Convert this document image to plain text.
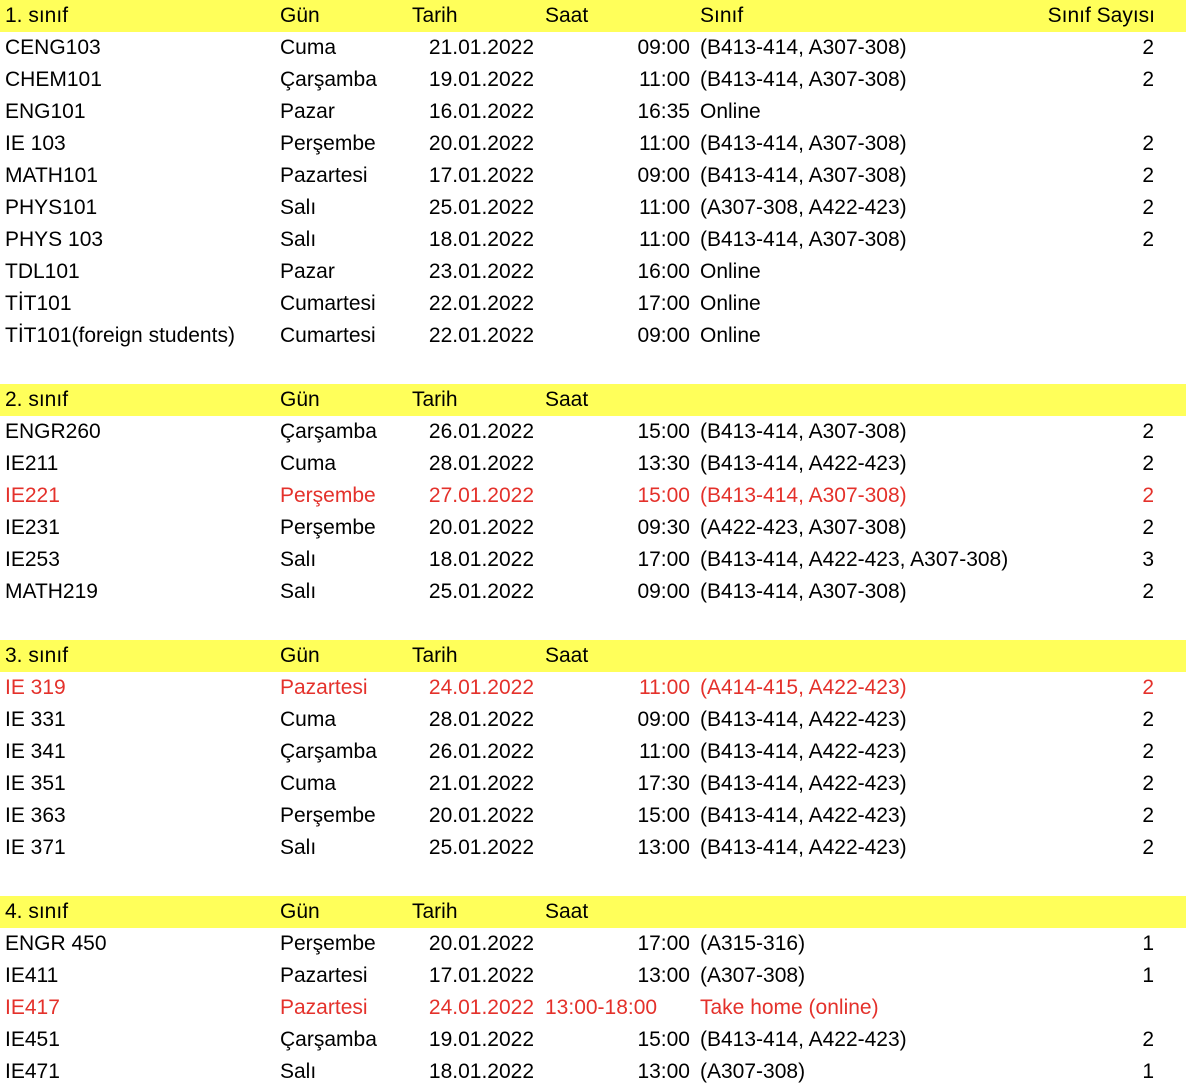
1. sınıf	Gün	Tarih	Saat	Sınıf	Sınıf Sayısı
CENG103	Cuma	21.01.2022	09:00 (B413-414, A307-308)	2
CHEM101	Çarşamba 19.01.2022	11:00 (B413-414, A307-308)	2
ENG101	Pazar	16.01.2022	16:35 Online
IE 103	Perşembe	20.01.2022	11:00 (B413-414, A307-308)	2
MATH101	Pazartesi	17.01.2022	09:00 (B413-414, A307-308)	2
PHYS101	Salı	25.01.2022	11:00 (A307-308, A422-423)	2
PHYS 103	Salı	18.01.2022	11:00 (B413-414, A307-308)	2
TDL101	Pazar	23.01.2022	16:00 Online
TİT101	Cumartesi	22.01.2022	17:00 Online
TİT101(foreign students) Cumartesi	22.01.2022	09:00 Online
2. sınıf	Gün	Tarih	Saat
ENGR260	Çarşamba 26.01.2022	15:00 (B413-414, A307-308)	2
IE211	Cuma	28.01.2022	13:30 (B413-414, A422-423)	2
IE221	Perşembe	27.01.2022	15:00 (B413-414, A307-308)	2
IE231	Perşembe	20.01.2022	09:30 (A422-423, A307-308)	2
IE253	Salı	18.01.2022	17:00 (B413-414, A422-423, A307-308)	3
MATH219	Salı	25.01.2022	09:00 (B413-414, A307-308)	2
3. sınıf	Gün	Tarih	Saat
IE 319	Pazartesi	24.01.2022	11:00 (A414-415, A422-423)	2
IE 331	Cuma	28.01.2022	09:00 (B413-414, A422-423)	2
IE 341	Çarşamba 26.01.2022	11:00 (B413-414, A422-423)	2
IE 351	Cuma	21.01.2022	17:30 (B413-414, A422-423)	2
IE 363	Perşembe	20.01.2022	15:00 (B413-414, A422-423)	2
IE 371	Salı	25.01.2022	13:00 (B413-414, A422-423)	2
4. sınıf	Gün	Tarih	Saat
ENGR 450	Perşembe	20.01.2022	17:00 (A315-316)	1
IE411	Pazartesi	17.01.2022	13:00 (A307-308)	1
IE417	Pazartesi	24.01.2022 13:00-18:00 Take home (online)
IE451	Çarşamba 19.01.2022	15:00 (B413-414, A422-423)	2
IE471	Salı	18.01.2022	13:00 (A307-308)	1
